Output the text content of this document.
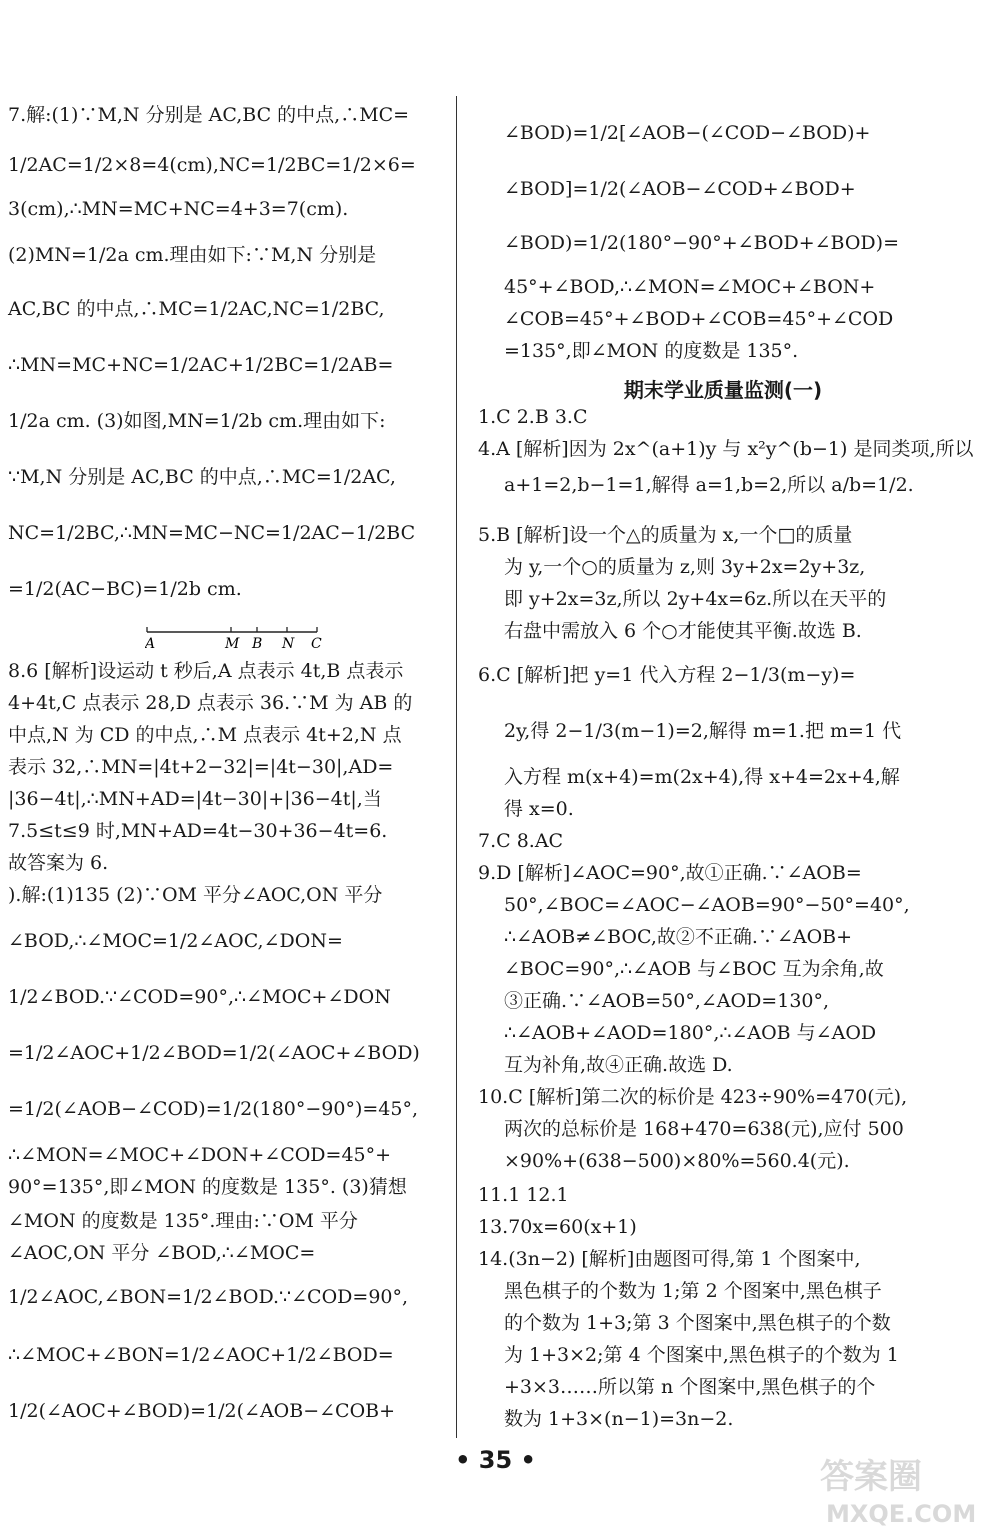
7.解:(1)∵M,N 分别是 AC,BC 的中点,∴MC=
1/2AC=1/2×8=4(cm),NC=1/2BC=1/2×6=
3(cm),∴MN=MC+NC=4+3=7(cm).
(2)MN=1/2a cm.理由如下:∵M,N 分别是
AC,BC 的中点,∴MC=1/2AC,NC=1/2BC,
∴MN=MC+NC=1/2AC+1/2BC=1/2AB=
1/2a cm. (3)如图,MN=1/2b cm.理由如下:
∵M,N 分别是 AC,BC 的中点,∴MC=1/2AC,
NC=1/2BC,∴MN=MC−NC=1/2AC−1/2BC
=1/2(AC−BC)=1/2b cm.
8.6 [解析]设运动 t 秒后,A 点表示 4t,B 点表示
4+4t,C 点表示 28,D 点表示 36.∵M 为 AB 的
中点,N 为 CD 的中点,∴M 点表示 4t+2,N 点
表示 32,∴MN=|4t+2−32|=|4t−30|,AD=
|36−4t|,∴MN+AD=|4t−30|+|36−4t|,当
7.5≤t≤9 时,MN+AD=4t−30+36−4t=6.
故答案为 6.
).解:(1)135 (2)∵OM 平分∠AOC,ON 平分
∠BOD,∴∠MOC=1/2∠AOC,∠DON=
1/2∠BOD.∵∠COD=90°,∴∠MOC+∠DON
=1/2∠AOC+1/2∠BOD=1/2(∠AOC+∠BOD)
=1/2(∠AOB−∠COD)=1/2(180°−90°)=45°,
∴∠MON=∠MOC+∠DON+∠COD=45°+
90°=135°,即∠MON 的度数是 135°. (3)猜想
∠MON 的度数是 135°.理由:∵OM 平分
∠AOC,ON 平分 ∠BOD,∴∠MOC=
1/2∠AOC,∠BON=1/2∠BOD.∵∠COD=90°,
∴∠MOC+∠BON=1/2∠AOC+1/2∠BOD=
1/2(∠AOC+∠BOD)=1/2(∠AOB−∠COB+
A	M B N C
∠BOD)=1/2[∠AOB−(∠COD−∠BOD)+
∠BOD]=1/2(∠AOB−∠COD+∠BOD+
∠BOD)=1/2(180°−90°+∠BOD+∠BOD)=
45°+∠BOD,∴∠MON=∠MOC+∠BON+
∠COB=45°+∠BOD+∠COB=45°+∠COD
=135°,即∠MON 的度数是 135°.
期末学业质量监测(一)
1.C 2.B 3.C
4.A [解析]因为 2x^(a+1)y 与 x²y^(b−1) 是同类项,所以
a+1=2,b−1=1,解得 a=1,b=2,所以 a/b=1/2.
5.B [解析]设一个△的质量为 x,一个□的质量
为 y,一个○的质量为 z,则 3y+2x=2y+3z,
即 y+2x=3z,所以 2y+4x=6z.所以在天平的
右盘中需放入 6 个○才能使其平衡.故选 B.
6.C [解析]把 y=1 代入方程 2−1/3(m−y)=
2y,得 2−1/3(m−1)=2,解得 m=1.把 m=1 代
入方程 m(x+4)=m(2x+4),得 x+4=2x+4,解
得 x=0.
7.C 8.AC
9.D [解析]∠AOC=90°,故①正确.∵∠AOB=
50°,∠BOC=∠AOC−∠AOB=90°−50°=40°,
∴∠AOB≠∠BOC,故②不正确.∵∠AOB+
∠BOC=90°,∴∠AOB 与∠BOC 互为余角,故
③正确.∵∠AOB=50°,∠AOD=130°,
∴∠AOB+∠AOD=180°,∴∠AOB 与∠AOD
互为补角,故④正确.故选 D.
10.C [解析]第二次的标价是 423÷90%=470(元),
两次的总标价是 168+470=638(元),应付 500
×90%+(638−500)×80%=560.4(元).
11.1 12.1
13.70x=60(x+1)
14.(3n−2) [解析]由题图可得,第 1 个图案中,
黑色棋子的个数为 1;第 2 个图案中,黑色棋子
的个数为 1+3;第 3 个图案中,黑色棋子的个数
为 1+3×2;第 4 个图案中,黑色棋子的个数为 1
+3×3……所以第 n 个图案中,黑色棋子的个
数为 1+3×(n−1)=3n−2.
• 35 •	答案圈
MXQE.COM
